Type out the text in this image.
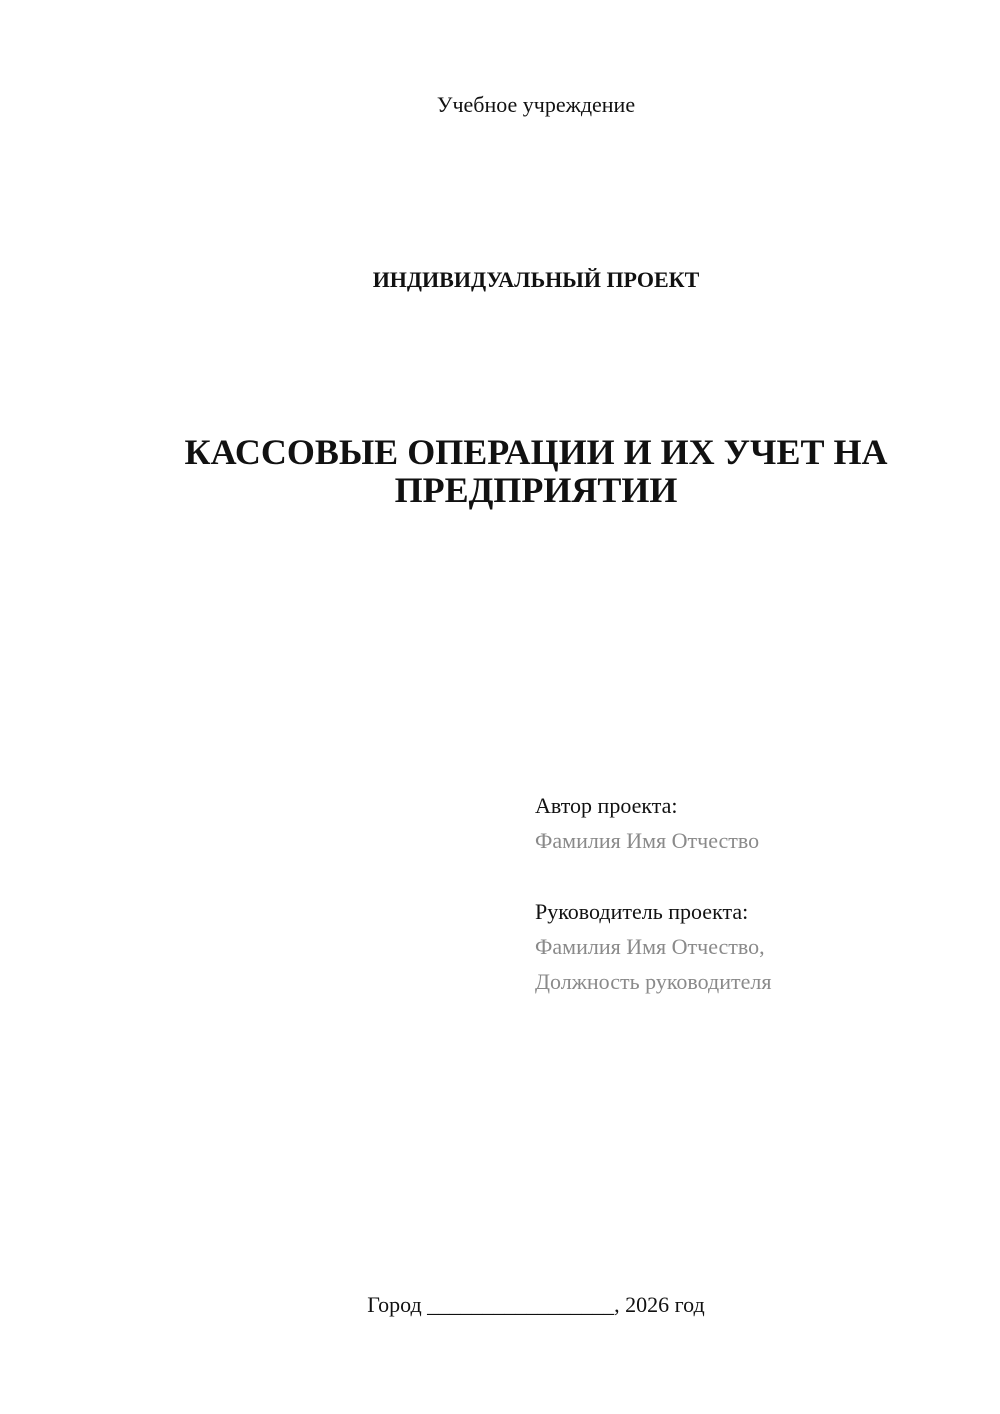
Учебное учреждение
ИНДИВИДУАЛЬНЫЙ ПРОЕКТ
КАССОВЫЕ ОПЕРАЦИИ И ИХ УЧЕТ НА
ПРЕДПРИЯТИИ
Автор проекта:
Фамилия Имя Отчество
Руководитель проекта:
Фамилия Имя Отчество,
Должность руководителя
Город _________________, 2026 год
